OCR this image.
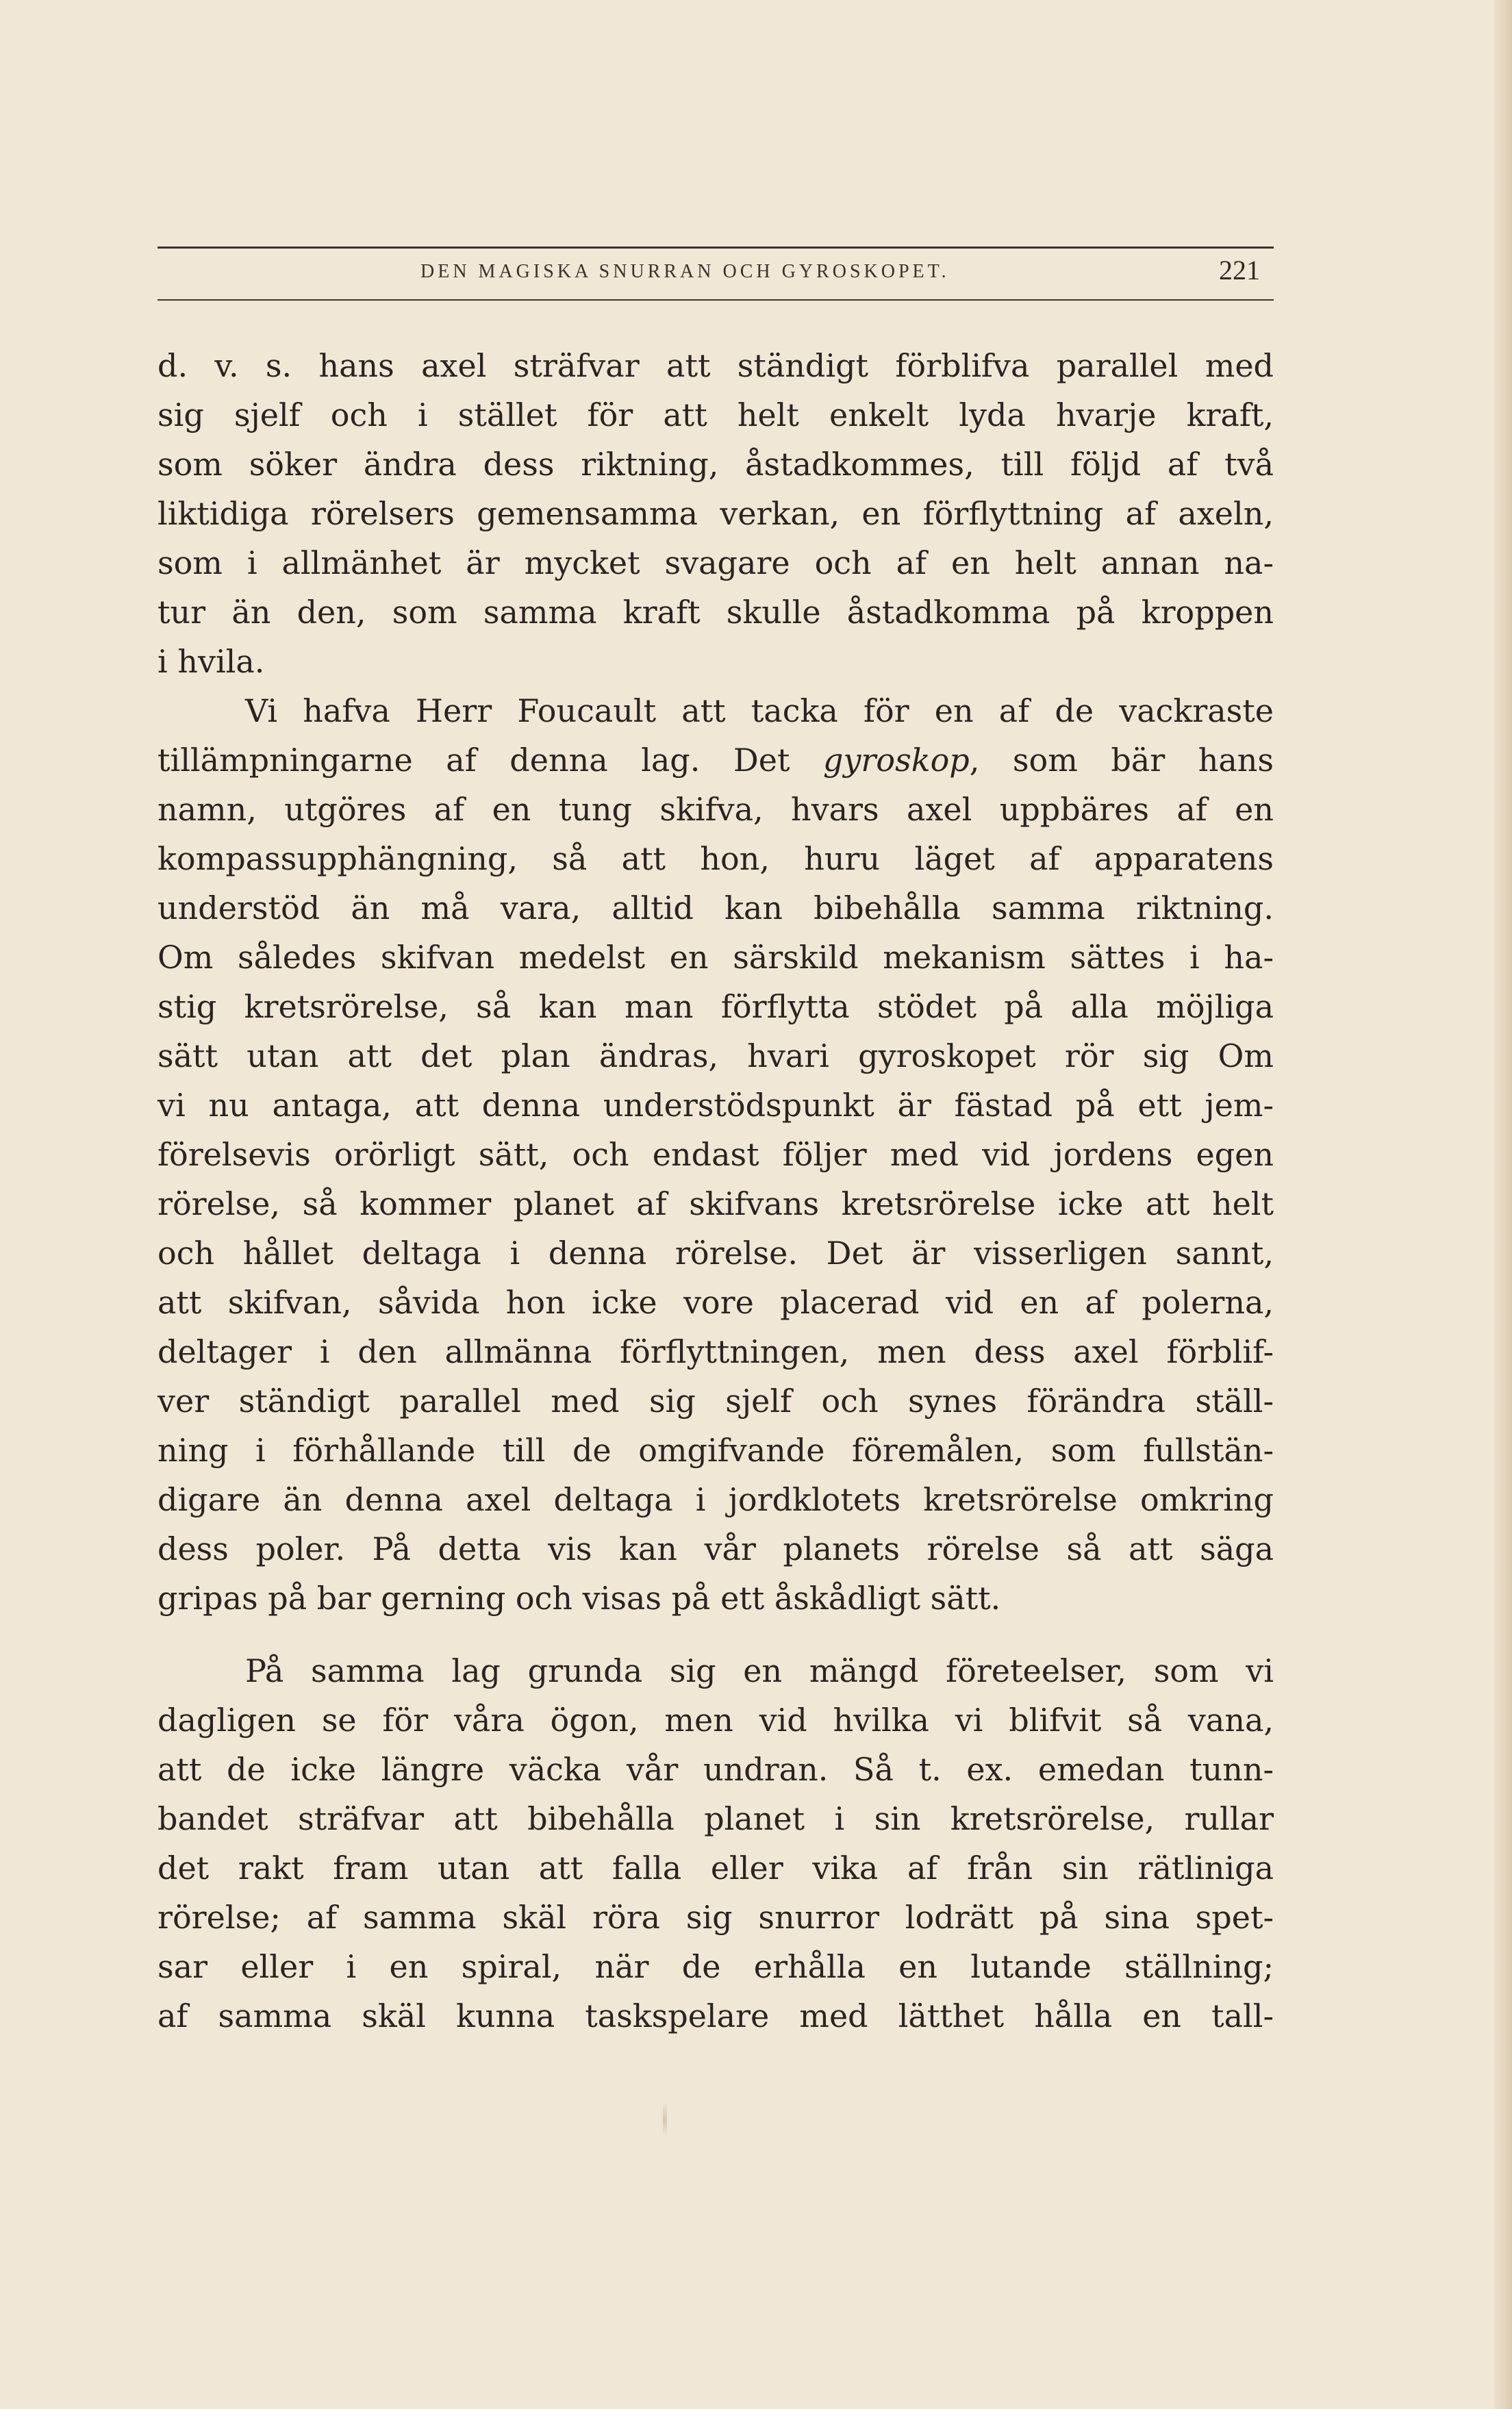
DEN MAGISKA SNURRAN OCH GYROSKOPET.	221
d. v. s. hans axel sträfvar att ständigt förblifva parallel med
sig sjelf och i stället för att helt enkelt lyda hvarje kraft,
som söker ändra dess riktning, åstadkommes, till följd af två
liktidiga rörelsers gemensamma verkan, en förflyttning af axeln,
som i allmänhet är mycket svagare och af en helt annan na-
tur än den, som samma kraft skulle åstadkomma på kroppen
i hvila.
Vi hafva Herr Foucault att tacka för en af de vackraste
tillämpningarne af denna lag. Det gyroskop, som bär hans
namn, utgöres af en tung skifva, hvars axel uppbäres af en
kompassupphängning, så att hon, huru läget af apparatens
understöd än må vara, alltid kan bibehålla samma riktning.
Om således skifvan medelst en särskild mekanism sättes i ha-
stig kretsrörelse, så kan man förflytta stödet på alla möjliga
sätt utan att det plan ändras, hvari gyroskopet rör sig Om
vi nu antaga, att denna understödspunkt är fästad på ett jem-
förelsevis orörligt sätt, och endast följer med vid jordens egen
rörelse, så kommer planet af skifvans kretsrörelse icke att helt
och hållet deltaga i denna rörelse. Det är visserligen sannt,
att skifvan, såvida hon icke vore placerad vid en af polerna,
deltager i den allmänna förflyttningen, men dess axel förblif-
ver ständigt parallel med sig sjelf och synes förändra ställ-
ning i förhållande till de omgifvande föremålen, som fullstän-
digare än denna axel deltaga i jordklotets kretsrörelse omkring
dess poler. På detta vis kan vår planets rörelse så att säga
gripas på bar gerning och visas på ett åskådligt sätt.
På samma lag grunda sig en mängd företeelser, som vi
dagligen se för våra ögon, men vid hvilka vi blifvit så vana,
att de icke längre väcka vår undran. Så t. ex. emedan tunn-
bandet sträfvar att bibehålla planet i sin kretsrörelse, rullar
det rakt fram utan att falla eller vika af från sin rätliniga
rörelse; af samma skäl röra sig snurror lodrätt på sina spet-
sar eller i en spiral, när de erhålla en lutande ställning;
af samma skäl kunna taskspelare med lätthet hålla en tall-
